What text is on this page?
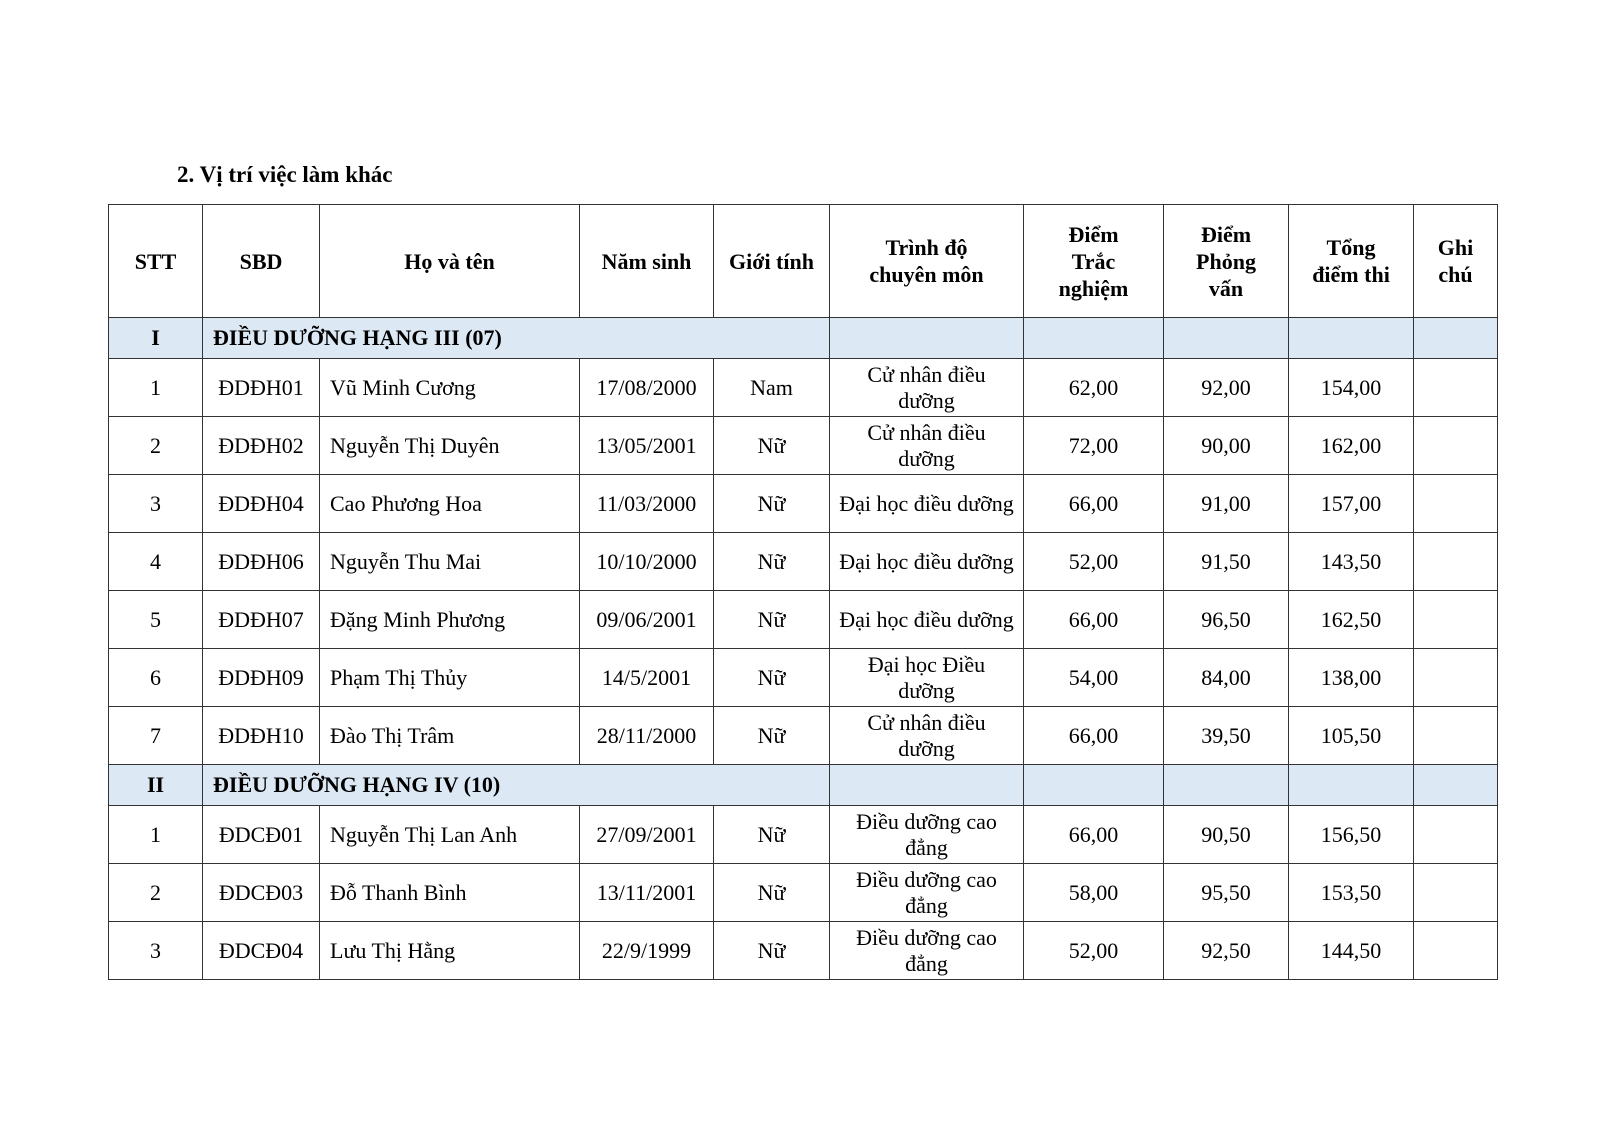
2. Vị trí việc làm khác
STT	SBD	Họ và tên	Năm sinh	Giới tính	Trình độ chuyên môn	Điểm Trắc nghiệm	Điểm Phỏng vấn	Tổng điểm thi	Ghi chú
I	ĐIỀU DƯỠNG HẠNG III (07)								
1	ĐDĐH01	Vũ Minh Cương	17/08/2000	Nam	Cử nhân điều dưỡng	62,00	92,00	154,00	
2	ĐDĐH02	Nguyễn Thị Duyên	13/05/2001	Nữ	Cử nhân điều dưỡng	72,00	90,00	162,00	
3	ĐDĐH04	Cao Phương Hoa	11/03/2000	Nữ	Đại học điều dưỡng	66,00	91,00	157,00	
4	ĐDĐH06	Nguyễn Thu Mai	10/10/2000	Nữ	Đại học điều dưỡng	52,00	91,50	143,50	
5	ĐDĐH07	Đặng Minh Phương	09/06/2001	Nữ	Đại học điều dưỡng	66,00	96,50	162,50	
6	ĐDĐH09	Phạm Thị Thủy	14/5/2001	Nữ	Đại học Điều dưỡng	54,00	84,00	138,00	
7	ĐDĐH10	Đào Thị Trâm	28/11/2000	Nữ	Cử nhân điều dưỡng	66,00	39,50	105,50	
II	ĐIỀU DƯỠNG HẠNG IV (10)								
1	ĐDCĐ01	Nguyễn Thị Lan Anh	27/09/2001	Nữ	Điều dưỡng cao đẳng	66,00	90,50	156,50	
2	ĐDCĐ03	Đỗ Thanh Bình	13/11/2001	Nữ	Điều dưỡng cao đẳng	58,00	95,50	153,50	
3	ĐDCĐ04	Lưu Thị Hằng	22/9/1999	Nữ	Điều dưỡng cao đẳng	52,00	92,50	144,50	
